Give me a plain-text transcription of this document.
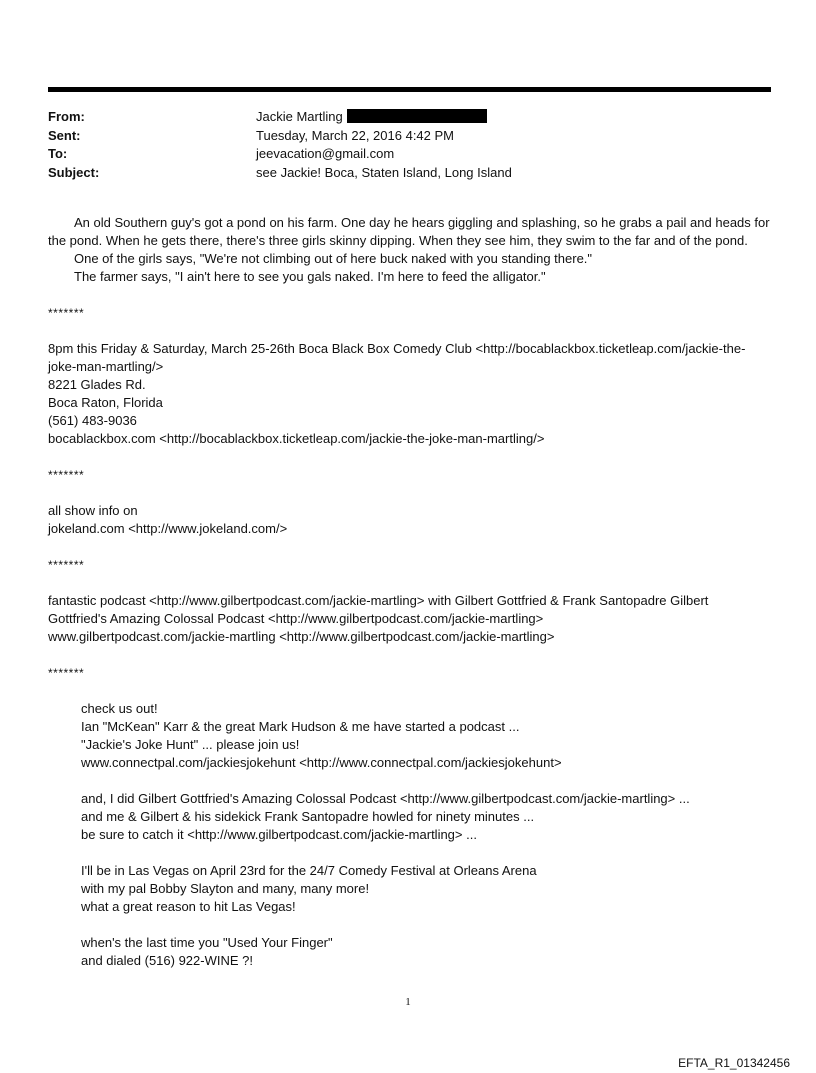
From:	Jackie Martling
Sent:	Tuesday, March 22, 2016 4:42 PM
To:	jeevacation@gmail.com
Subject:	see Jackie! Boca, Staten Island, Long Island

An old Southern guy's got a pond on his farm. One day he hears giggling and splashing, so he grabs a pail and heads for the pond. When he gets there, there's three girls skinny dipping. When they see him, they swim to the far and of the pond.

One of the girls says, "We're not climbing out of here buck naked with you standing there."

The farmer says, "I ain't here to see you gals naked. I'm here to feed the alligator."

*******

8pm this Friday & Saturday, March 25-26th Boca Black Box Comedy Club <http://bocablackbox.ticketleap.com/jackie-the-joke-man-martling/>

8221 Glades Rd.

Boca Raton, Florida

(561) 483-9036

bocablackbox.com <http://bocablackbox.ticketleap.com/jackie-the-joke-man-martling/>

*******

all show info on

jokeland.com <http://www.jokeland.com/>

*******

fantastic podcast <http://www.gilbertpodcast.com/jackie-martling> with Gilbert Gottfried & Frank Santopadre Gilbert Gottfried's Amazing Colossal Podcast <http://www.gilbertpodcast.com/jackie-martling>

www.gilbertpodcast.com/jackie-martling <http://www.gilbertpodcast.com/jackie-martling>

*******

check us out!

Ian "McKean" Karr & the great Mark Hudson & me have started a podcast ...

"Jackie's Joke Hunt" ... please join us!

www.connectpal.com/jackiesjokehunt <http://www.connectpal.com/jackiesjokehunt>

and, I did Gilbert Gottfried's Amazing Colossal Podcast <http://www.gilbertpodcast.com/jackie-martling> ...

and me & Gilbert & his sidekick Frank Santopadre howled for ninety minutes ...

be sure to catch it <http://www.gilbertpodcast.com/jackie-martling> ...

I'll be in Las Vegas on April 23rd for the 24/7 Comedy Festival at Orleans Arena

with my pal Bobby Slayton and many, many more!

what a great reason to hit Las Vegas!

when's the last time you "Used Your Finger"

and dialed (516) 922-WINE ?!

1
EFTA_R1_01342456
